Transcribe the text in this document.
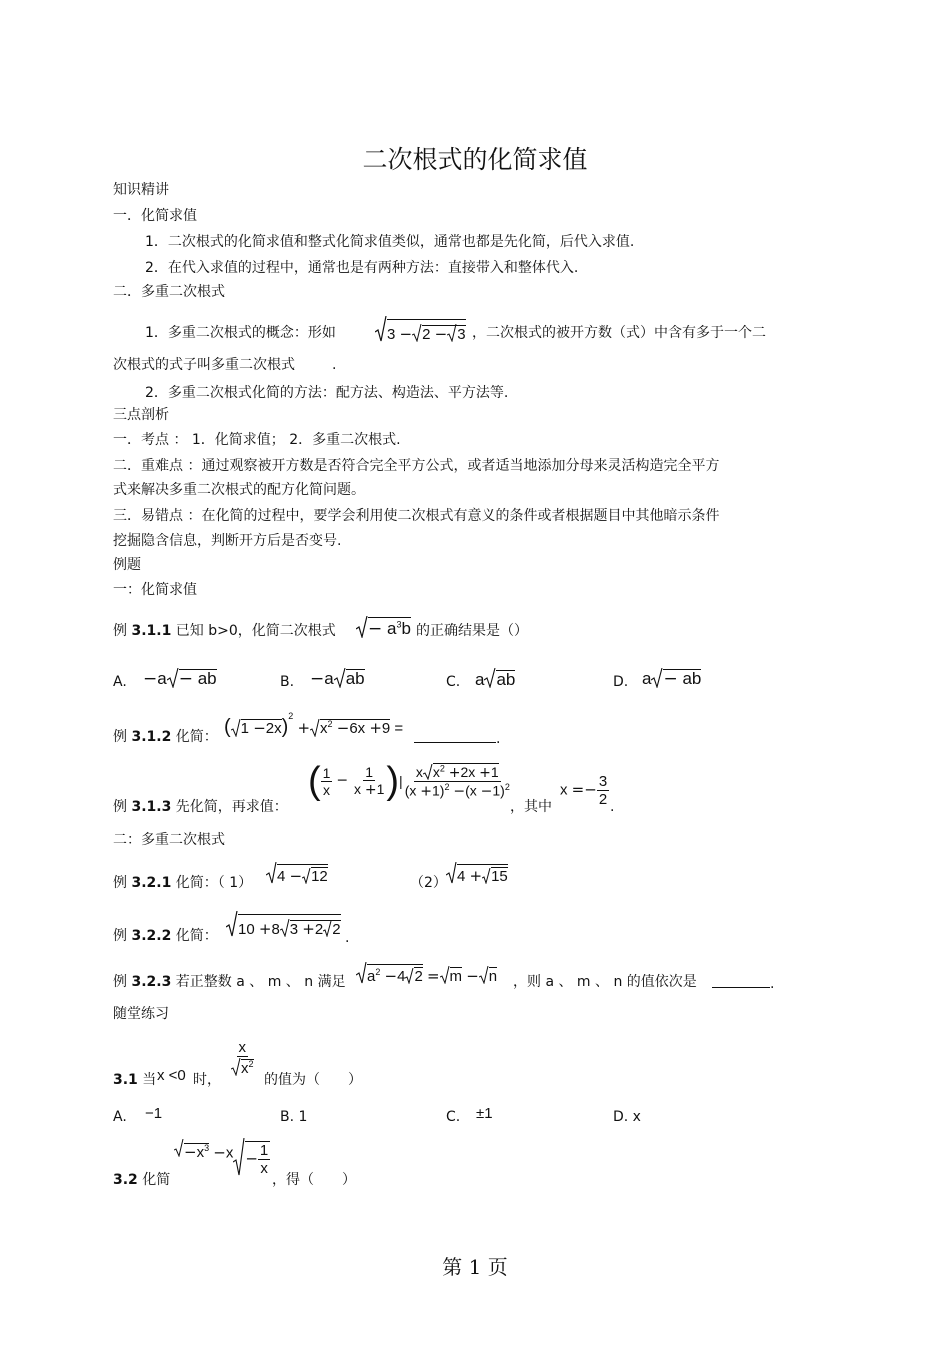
二次根式的化简求值
知识精讲
一．化简求值
1．二次根式的化简求值和整式化简求值类似，通常也都是先化简，后代入求值.
2．在代入求值的过程中，通常也是有两种方法：直接带入和整体代入.
二．多重二次根式
1．多重二次根式的概念：形如	3 − 2 − 3 ，二次根式的被开方数（式）中含有多于一个二
次根式的式子叫多重二次根式	.
2．多重二次根式化简的方法：配方法、构造法、平方法等.
三点剖析
一．考点 ： 1．化简求值； 2．多重二次根式.
二．重难点 ：通过观察被开方数是否符合完全平方公式，或者适当地添加分母来灵活构造完全平方
式来解决多重二次根式的配方化简问题。
三．易错点 ：在化简的过程中，要学会利用使二次根式有意义的条件或者根据题目中其他暗示条件
挖掘隐含信息，判断开方后是否变号.
例题
一：化简求值
例 3.1.1 已知 b>0，化简二次根式	− $a^3b$ 的正确结果是（）
A. −a − ab	B. −a ab	C. a ab	D. a − ab
例 3.1.2 化简： ( $1 -2x)^2 + x^2 -6x +9$ =
.
例 3.1.3 先化简，再求值：
( $\frac{1}{x} - \frac{1}{x +1}$ )| $\frac{x x^2 +2x +1}{(x +1)^2 -(x -1)^2}$
，其中
$x =- \frac{3}{2}$ .
二：多重二次根式
例 3.2.1 化简：（ 1）	4 − 12	（2） 4 + 15
例 3.2.2 化简：	10 +8 3 +2 2 .
例 3.2.3 若正整数 a 、 m 、 n 满足	$a^2 -4$ 2 = m − n ，则 a 、 m 、 n 的值依次是	.
随堂练习
3.1 当 x <0 时，
$\frac{x}{x^2}$
的值为（　　）
A. −1	B. 1	C. ±1	D. x
3.2 化简
$-x^3 -x - \frac{1}{x}$
，得（　　）
第 1 页
